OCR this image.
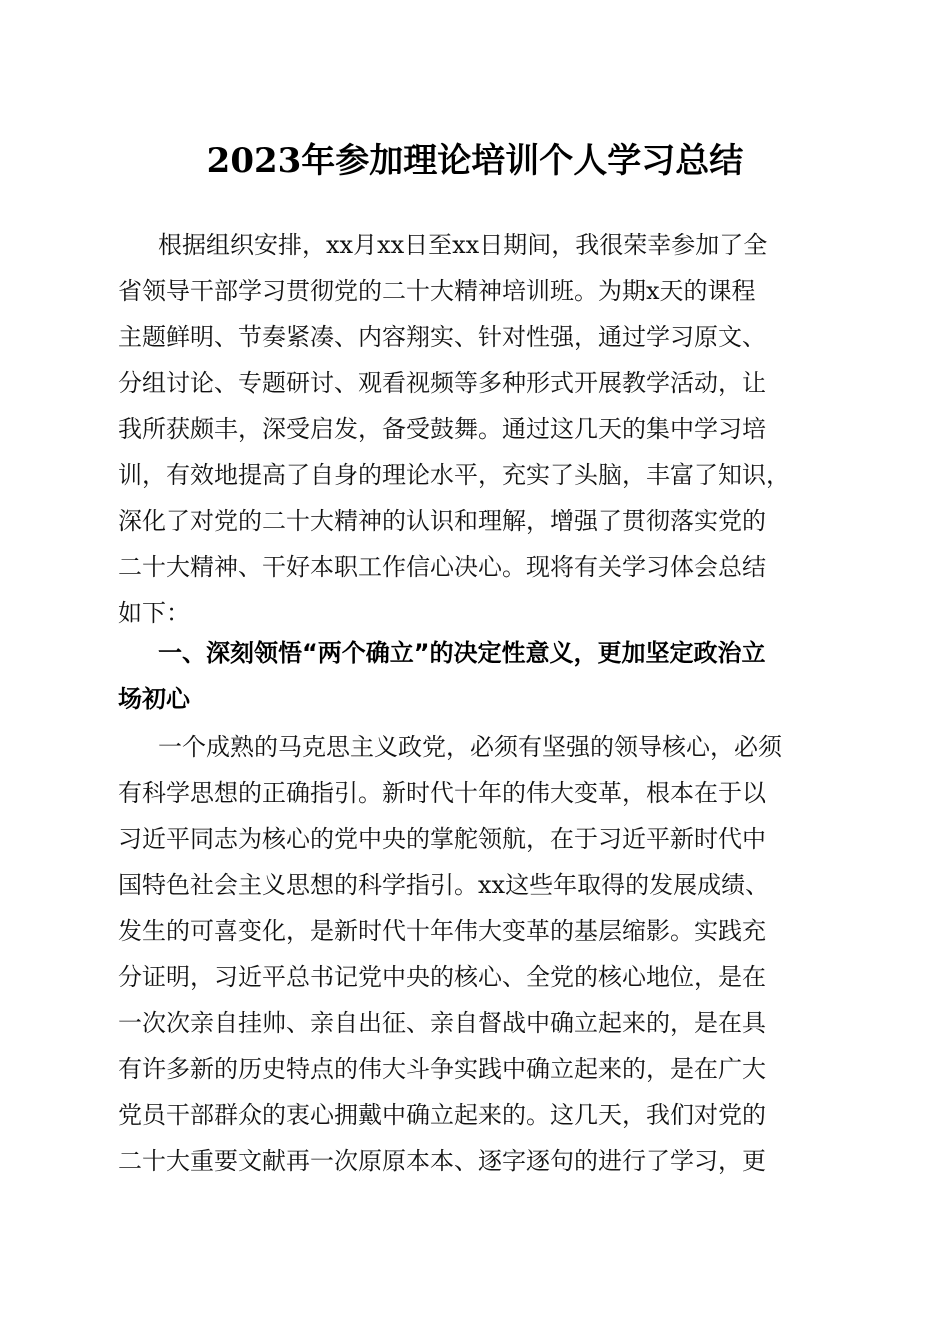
2023年参加理论培训个人学习总结
根据组织安排，xx月xx日至xx日期间，我很荣幸参加了全
省领导干部学习贯彻党的二十大精神培训班。为期x天的课程
主题鲜明、节奏紧凑、内容翔实、针对性强，通过学习原文、
分组讨论、专题研讨、观看视频等多种形式开展教学活动，让
我所获颇丰，深受启发，备受鼓舞。通过这几天的集中学习培
训，有效地提高了自身的理论水平，充实了头脑，丰富了知识，
深化了对党的二十大精神的认识和理解，增强了贯彻落实党的
二十大精神、干好本职工作信心决心。现将有关学习体会总结
如下：
一、深刻领悟“两个确立”的决定性意义，更加坚定政治立
场初心
一个成熟的马克思主义政党，必须有坚强的领导核心，必须
有科学思想的正确指引。新时代十年的伟大变革，根本在于以
习近平同志为核心的党中央的掌舵领航，在于习近平新时代中
国特色社会主义思想的科学指引。xx这些年取得的发展成绩、
发生的可喜变化，是新时代十年伟大变革的基层缩影。实践充
分证明，习近平总书记党中央的核心、全党的核心地位，是在
一次次亲自挂帅、亲自出征、亲自督战中确立起来的，是在具
有许多新的历史特点的伟大斗争实践中确立起来的，是在广大
党员干部群众的衷心拥戴中确立起来的。这几天，我们对党的
二十大重要文献再一次原原本本、逐字逐句的进行了学习，更
